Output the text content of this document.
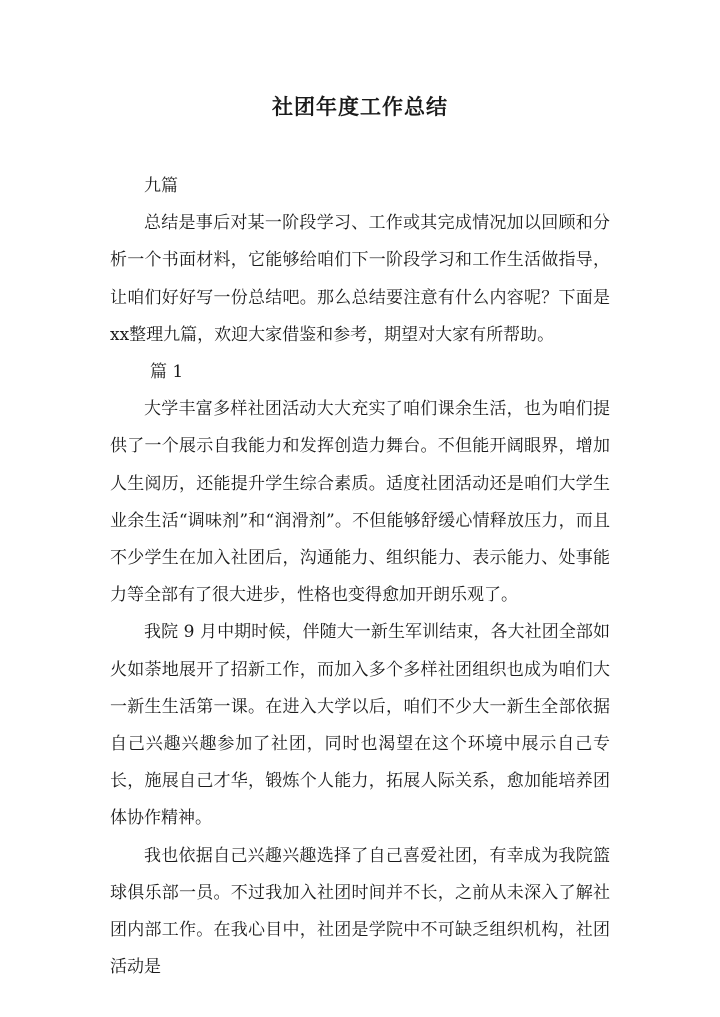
社团年度工作总结

九篇

总结是事后对某一阶段学习、工作或其完成情况加以回顾和分析一个书面材料，它能够给咱们下一阶段学习和工作生活做指导，让咱们好好写一份总结吧。那么总结要注意有什么内容呢？下面是xx整理九篇，欢迎大家借鉴和参考，期望对大家有所帮助。

篇 1

大学丰富多样社团活动大大充实了咱们课余生活，也为咱们提供了一个展示自我能力和发挥创造力舞台。不但能开阔眼界，增加人生阅历，还能提升学生综合素质。适度社团活动还是咱们大学生业余生活“调味剂”和“润滑剂”。不但能够舒缓心情释放压力，而且不少学生在加入社团后，沟通能力、组织能力、表示能力、处事能力等全部有了很大进步，性格也变得愈加开朗乐观了。

我院 9 月中期时候，伴随大一新生军训结束，各大社团全部如火如荼地展开了招新工作，而加入多个多样社团组织也成为咱们大一新生生活第一课。在进入大学以后，咱们不少大一新生全部依据自己兴趣兴趣参加了社团，同时也渴望在这个环境中展示自己专长，施展自己才华，锻炼个人能力，拓展人际关系，愈加能培养团体协作精神。

我也依据自己兴趣兴趣选择了自己喜爱社团，有幸成为我院篮球俱乐部一员。不过我加入社团时间并不长，之前从未深入了解社团内部工作。在我心目中，社团是学院中不可缺乏组织机构，社团活动是
